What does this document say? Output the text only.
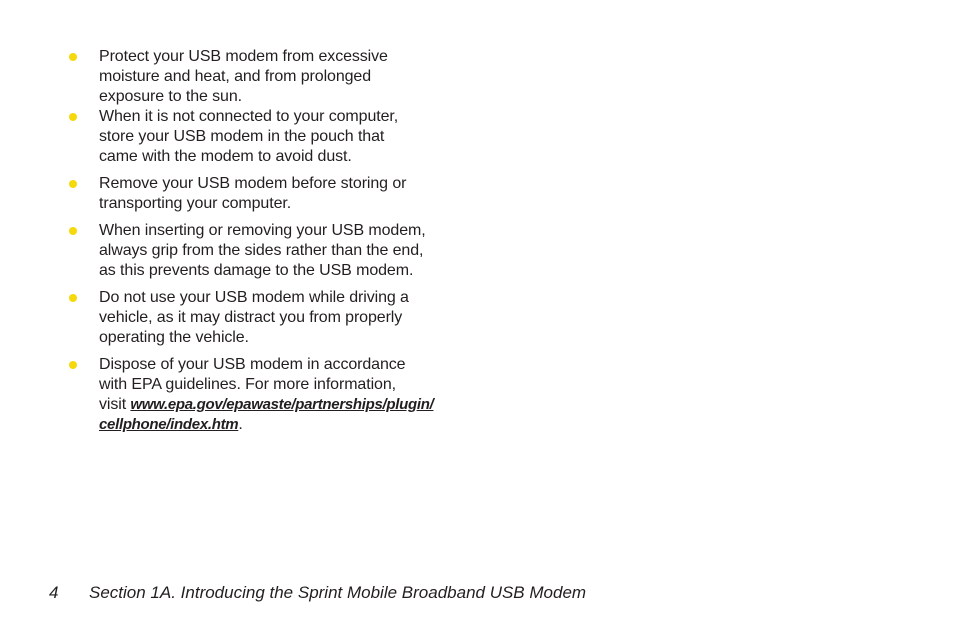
Protect your USB modem from excessive
moisture and heat, and from prolonged
exposure to the sun.
When it is not connected to your computer,
store your USB modem in the pouch that
came with the modem to avoid dust.
Remove your USB modem before storing or
transporting your computer.
When inserting or removing your USB modem,
always grip from the sides rather than the end,
as this prevents damage to the USB modem.
Do not use your USB modem while driving a
vehicle, as it may distract you from properly
operating the vehicle.
Dispose of your USB modem in accordance
with EPA guidelines. For more information,
visit www.epa.gov/epawaste/partnerships/plugin/
cellphone/index.htm.
4 Section 1A. Introducing the Sprint Mobile Broadband USB Modem
